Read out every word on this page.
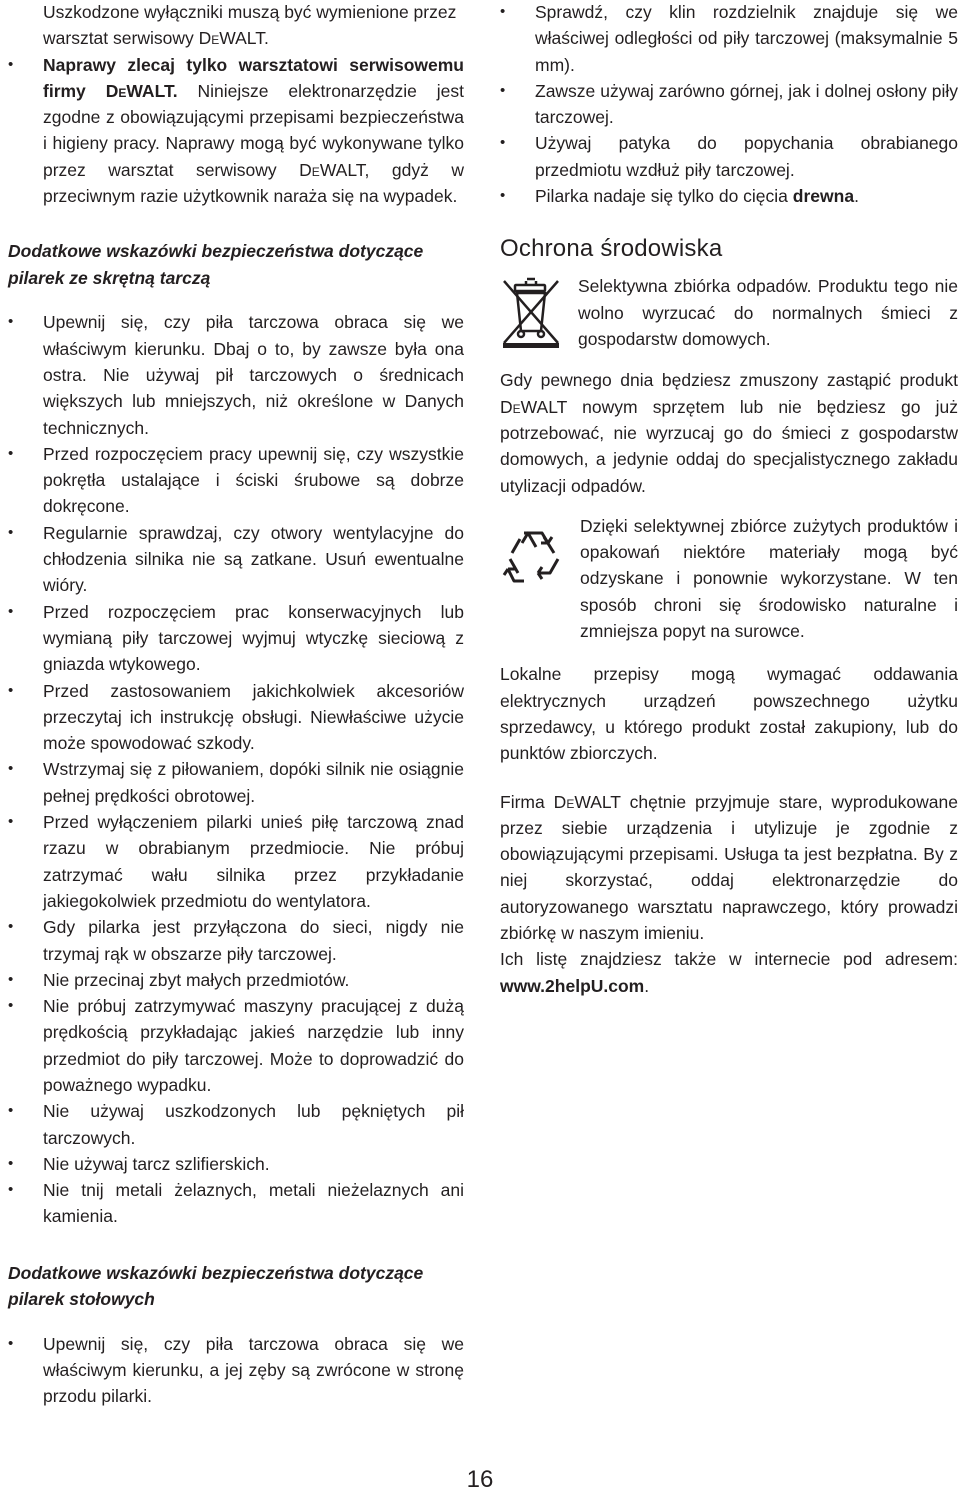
Uszkodzone wyłączniki muszą być wymienione przez
warsztat serwisowy DeWALT.

• Naprawy zlecaj tylko warsztatowi serwisowemu firmy DeWALT. Niniejsze elektronarzędzie jest zgodne z obowiązującymi przepisami bezpieczeństwa i higieny pracy. Naprawy mogą być wykonywane tylko przez warsztat serwisowy DeWALT, gdyż w przeciwnym razie użytkownik naraża się na wypadek.

Dodatkowe wskazówki bezpieczeństwa dotyczące pilarek ze skrętną tarczą

• Upewnij się, czy piła tarczowa obraca się we właściwym kierunku. Dbaj o to, by zawsze była ona ostra. Nie używaj pił tarczowych o średnicach większych lub mniejszych, niż określone w Danych technicznych.

• Przed rozpoczęciem pracy upewnij się, czy wszystkie pokrętła ustalające i ściski śrubowe są dobrze dokręcone.

• Regularnie sprawdzaj, czy otwory wentylacyjne do chłodzenia silnika nie są zatkane. Usuń ewentualne wióry.

• Przed rozpoczęciem prac konserwacyjnych lub wymianą piły tarczowej wyjmuj wtyczkę sieciową z gniazda wtykowego.

• Przed zastosowaniem jakichkolwiek akcesoriów przeczytaj ich instrukcję obsługi. Niewłaściwe użycie może spowodować szkody.

• Wstrzymaj się z piłowaniem, dopóki silnik nie osiągnie pełnej prędkości obrotowej.

• Przed wyłączeniem pilarki unieś piłę tarczową znad rzazu w obrabianym przedmiocie. Nie próbuj zatrzymać wału silnika przez przykładanie jakiegokolwiek przedmiotu do wentylatora.

• Gdy pilarka jest przyłączona do sieci, nigdy nie trzymaj rąk w obszarze piły tarczowej.

• Nie przecinaj zbyt małych przedmiotów.

• Nie próbuj zatrzymywać maszyny pracującej z dużą prędkością przykładając jakieś narzędzie lub inny przedmiot do piły tarczowej. Może to doprowadzić do poważnego wypadku.

• Nie używaj uszkodzonych lub pękniętych pił tarczowych.

• Nie używaj tarcz szlifierskich.

• Nie tnij metali żelaznych, metali nieżelaznych ani kamienia.

Dodatkowe wskazówki bezpieczeństwa dotyczące pilarek stołowych

• Upewnij się, czy piła tarczowa obraca się we właściwym kierunku, a jej zęby są zwrócone w stronę przodu pilarki.

• Sprawdź, czy klin rozdzielnik znajduje się we właściwej odległości od piły tarczowej (maksymalnie 5 mm).

• Zawsze używaj zarówno górnej, jak i dolnej osłony piły tarczowej.

• Używaj patyka do popychania obrabianego przedmiotu wzdłuż piły tarczowej.

• Pilarka nadaje się tylko do cięcia drewna.

Ochrona środowiska
Selektywna zbiórka odpadów. Produktu tego nie wolno wyrzucać do normalnych śmieci z gospodarstw domowych.

Gdy pewnego dnia będziesz zmuszony zastąpić produkt DeWALT nowym sprzętem lub nie będziesz go już potrzebować, nie wyrzucaj go do śmieci z gospodarstw domowych, a jedynie oddaj do specjalistycznego zakładu utylizacji odpadów.

Dzięki selektywnej zbiórce zużytych produktów i opakowań niektóre materiały mogą być odzyskane i ponownie wykorzystane. W ten sposób chroni się środowisko naturalne i zmniejsza popyt na surowce.

Lokalne przepisy mogą wymagać oddawania elektrycznych urządzeń powszechnego użytku sprzedawcy, u którego produkt został zakupiony, lub do punktów zbiorczych.

Firma DeWALT chętnie przyjmuje stare, wyprodukowane przez siebie urządzenia i utylizuje je zgodnie z obowiązującymi przepisami. Usługa ta jest bezpłatna. By z niej skorzystać, oddaj elektronarzędzie do autoryzowanego warsztatu naprawczego, który prowadzi zbiórkę w naszym imieniu.

Ich listę znajdziesz także w internecie pod adresem: www.2helpU.com.

16
